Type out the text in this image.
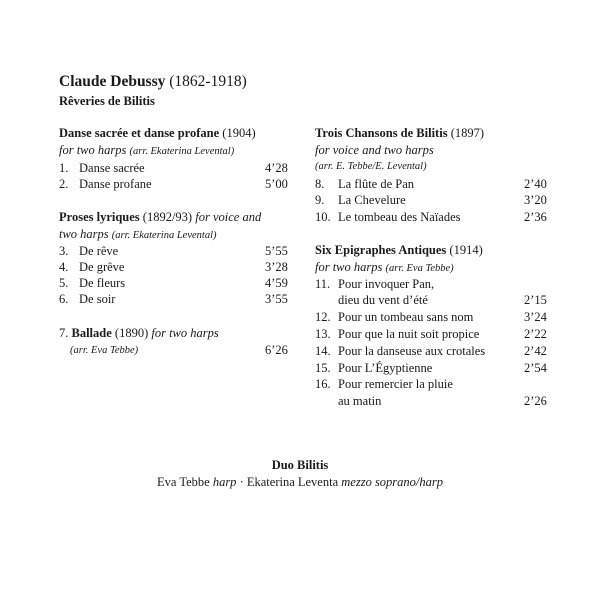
Claude Debussy (1862-1918)
Rêveries de Bilitis
Danse sacrée et danse profane (1904)
for two harps (arr. Ekaterina Levental)
1. Danse sacrée	4’28
2. Danse profane	5’00
Proses lyriques (1892/93) for voice and
two harps (arr. Ekaterina Levental)
3. De rêve	5’55
4. De grêve	3’28
5. De fleurs	4’59
6. De soir	3’55
7. Ballade (1890) for two harps
(arr. Eva Tebbe)	6’26
Trois Chansons de Bilitis (1897)
for voice and two harps
(arr. E. Tebbe/E. Levental)
8. La flûte de Pan	2’40
9. La Chevelure	3’20
10. Le tombeau des Naïades	2’36
Six Epigraphes Antiques (1914)
for two harps (arr. Eva Tebbe)
11. Pour invoquer Pan,
dieu du vent d’été	2’15
12. Pour un tombeau sans nom	3’24
13. Pour que la nuit soit propice	2’22
14. Pour la danseuse aux crotales	2’42
15. Pour L’Égyptienne	2’54
16. Pour remercier la pluie
au matin	2’26
Duo Bilitis
Eva Tebbe harp · Ekaterina Leventa mezzo soprano/harp
